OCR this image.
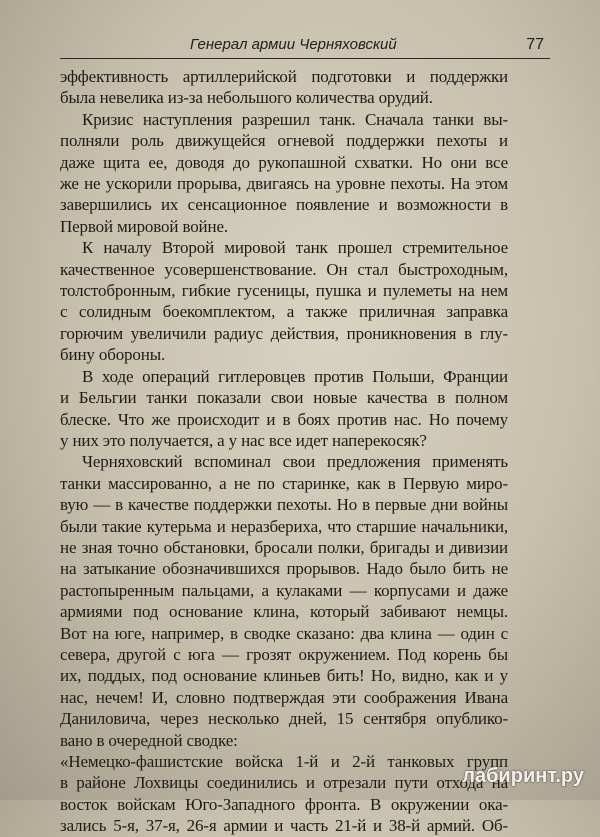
Генерал армии Черняховский	77
эффективность артиллерийской подготовки и поддержки
была невелика из-за небольшого количества орудий.
Кризис наступления разрешил танк. Сначала танки вы-
полняли роль движущейся огневой поддержки пехоты и
даже щита ее, доводя до рукопашной схватки. Но они все
же не ускорили прорыва, двигаясь на уровне пехоты. На этом
завершились их сенсационное появление и возможности в
Первой мировой войне.
К началу Второй мировой танк прошел стремительное
качественное усовершенствование. Он стал быстроходным,
толстобронным, гибкие гусеницы, пушка и пулеметы на нем
с солидным боекомплектом, а также приличная заправка
горючим увеличили радиус действия, проникновения в глу-
бину обороны.
В ходе операций гитлеровцев против Польши, Франции
и Бельгии танки показали свои новые качества в полном
блеске. Что же происходит и в боях против нас. Но почему
у них это получается, а у нас все идет наперекосяк?
Черняховский вспоминал свои предложения применять
танки массированно, а не по старинке, как в Первую миро-
вую — в качестве поддержки пехоты. Но в первые дни войны
были такие кутерьма и неразбериха, что старшие начальники,
не зная точно обстановки, бросали полки, бригады и дивизии
на затыкание обозначившихся прорывов. Надо было бить не
растопыренным пальцами, а кулаками — корпусами и даже
армиями под основание клина, который забивают немцы.
Вот на юге, например, в сводке сказано: два клина — один с
севера, другой с юга — грозят окружением. Под корень бы
их, поддых, под основание клиньев бить! Но, видно, как и у
нас, нечем! И, словно подтверждая эти соображения Ивана
Даниловича, через несколько дней, 15 сентября опублико-
вано в очередной сводке:
«Немецко-фашистские войска 1-й и 2-й танковых групп
в районе Лохвицы соединились и отрезали пути отхода на
восток войскам Юго-Западного фронта. В окружении ока-
зались 5-я, 37-я, 26-я армии и часть 21-й и 38-й армий. Об-
лабиринт.ру
